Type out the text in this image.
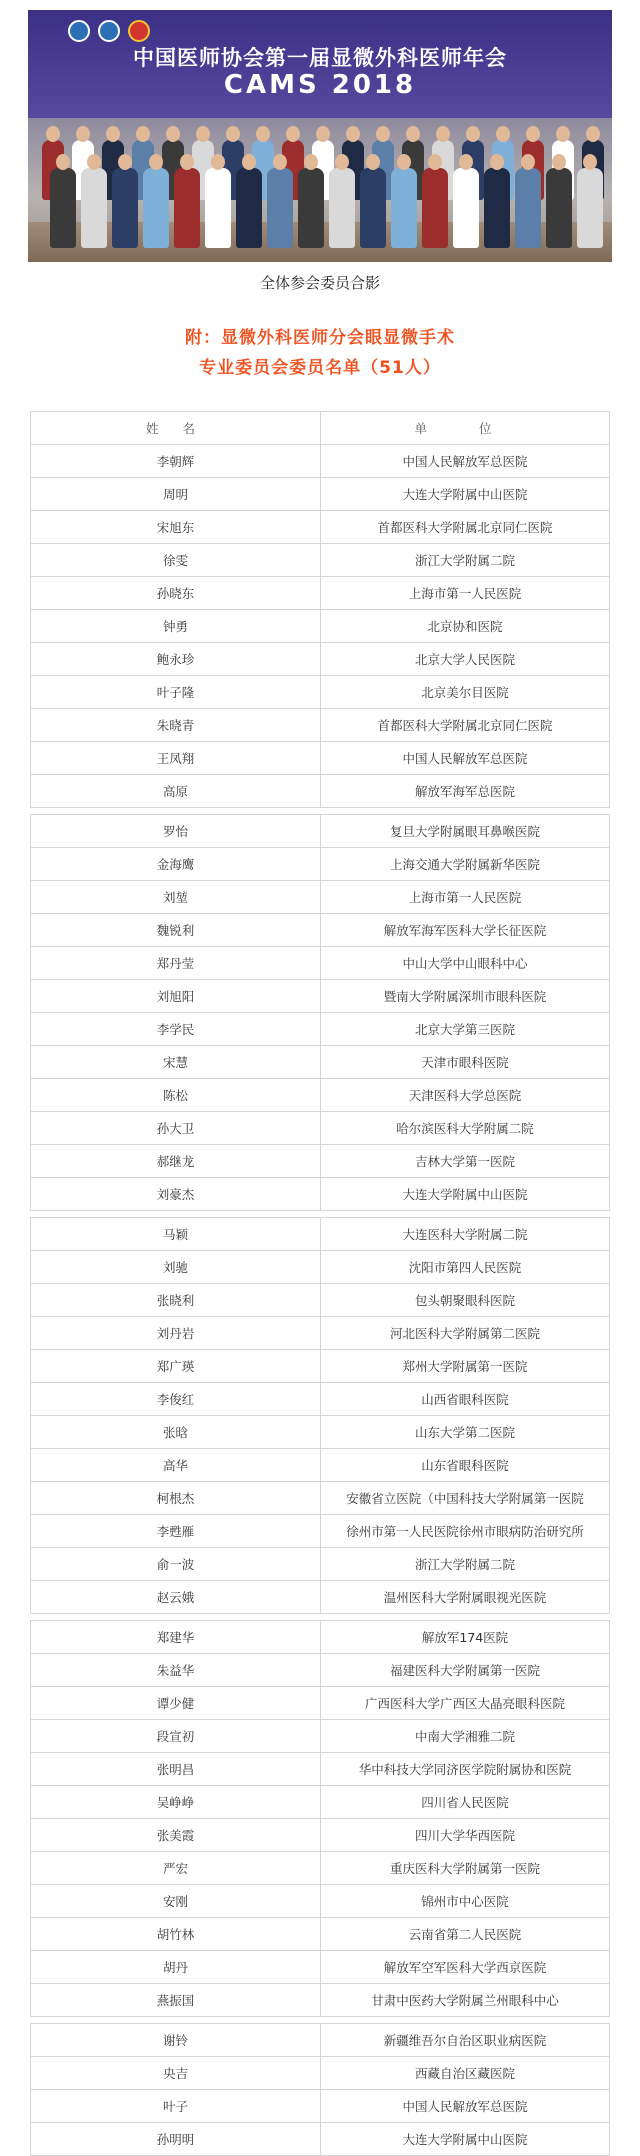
中国医师协会第一届显微外科医师年会
CAMS 2018
全体参会委员合影
附：显微外科医师分会眼显微手术
专业委员会委员名单（51人）
姓 名	单 位
李朝辉	中国人民解放军总医院
周明	大连大学附属中山医院
宋旭东	首都医科大学附属北京同仁医院
徐雯	浙江大学附属二院
孙晓东	上海市第一人民医院
钟勇	北京协和医院
鲍永珍	北京大学人民医院
叶子隆	北京美尔目医院
朱晓青	首都医科大学附属北京同仁医院
王凤翔	中国人民解放军总医院
高原	解放军海军总医院
罗怡	复旦大学附属眼耳鼻喉医院
金海鹰	上海交通大学附属新华医院
刘堃	上海市第一人民医院
魏锐利	解放军海军医科大学长征医院
郑丹莹	中山大学中山眼科中心
刘旭阳	暨南大学附属深圳市眼科医院
李学民	北京大学第三医院
宋慧	天津市眼科医院
陈松	天津医科大学总医院
孙大卫	哈尔滨医科大学附属二院
郝继龙	吉林大学第一医院
刘豪杰	大连大学附属中山医院
马颖	大连医科大学附属二院
刘驰	沈阳市第四人民医院
张晓利	包头朝聚眼科医院
刘丹岩	河北医科大学附属第二医院
郑广瑛	郑州大学附属第一医院
李俊红	山西省眼科医院
张晗	山东大学第二医院
高华	山东省眼科医院
柯根杰	安徽省立医院（中国科技大学附属第一医院
李甦雁	徐州市第一人民医院徐州市眼病防治研究所
俞一波	浙江大学附属二院
赵云娥	温州医科大学附属眼视光医院
郑建华	解放军174医院
朱益华	福建医科大学附属第一医院
谭少健	广西医科大学广西区大晶亮眼科医院
段宣初	中南大学湘雅二院
张明昌	华中科技大学同济医学院附属协和医院
吴峥峥	四川省人民医院
张美霞	四川大学华西医院
严宏	重庆医科大学附属第一医院
安刚	锦州市中心医院
胡竹林	云南省第二人民医院
胡丹	解放军空军医科大学西京医院
燕振国	甘肃中医药大学附属兰州眼科中心
谢铃	新疆维吾尔自治区职业病医院
央吉	西藏自治区藏医院
叶子	中国人民解放军总医院
孙明明	大连大学附属中山医院
